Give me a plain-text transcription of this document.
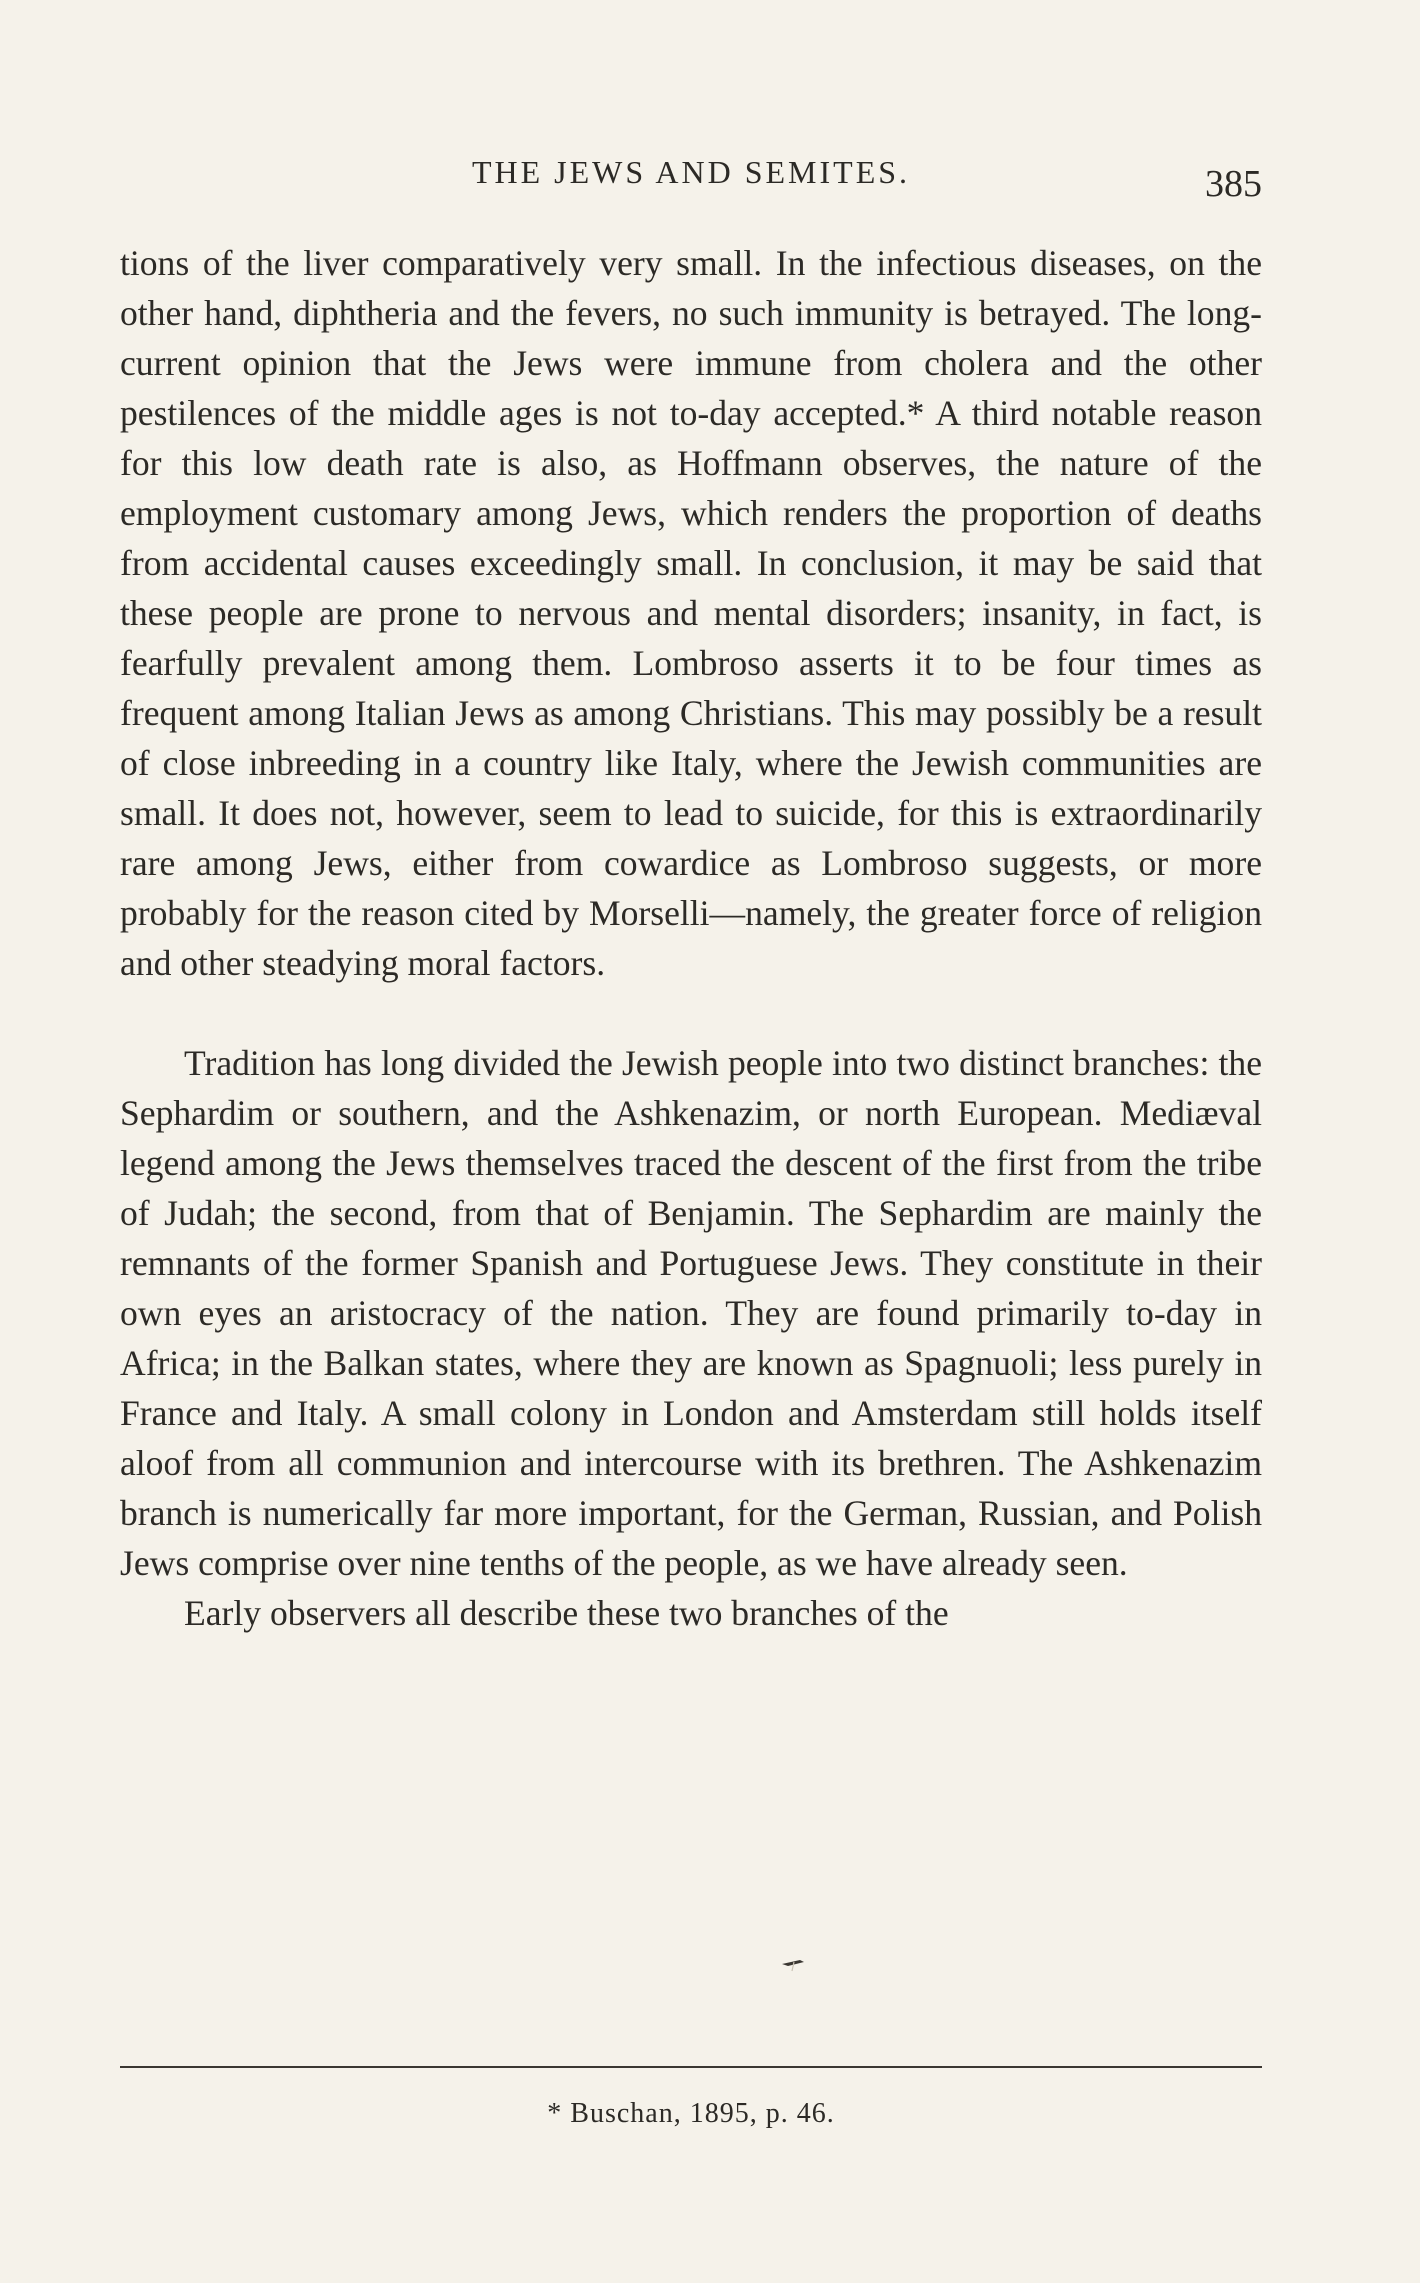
THE JEWS AND SEMITES.	385

tions of the liver comparatively very small. In the infectious diseases, on the other hand, diphtheria and the fevers, no such immunity is betrayed. The long-current opinion that the Jews were immune from cholera and the other pestilences of the middle ages is not to-day accepted.* A third notable reason for this low death rate is also, as Hoffmann observes, the nature of the employment customary among Jews, which renders the proportion of deaths from accidental causes exceedingly small. In conclusion, it may be said that these people are prone to nervous and mental disorders; insanity, in fact, is fearfully prevalent among them. Lombroso asserts it to be four times as frequent among Italian Jews as among Christians. This may possibly be a result of close inbreeding in a country like Italy, where the Jewish communities are small. It does not, however, seem to lead to suicide, for this is extraordinarily rare among Jews, either from cowardice as Lombroso suggests, or more probably for the reason cited by Morselli—namely, the greater force of religion and other steadying moral factors.

Tradition has long divided the Jewish people into two distinct branches: the Sephardim or southern, and the Ashkenazim, or north European. Mediæval legend among the Jews themselves traced the descent of the first from the tribe of Judah; the second, from that of Benjamin. The Sephardim are mainly the remnants of the former Spanish and Portuguese Jews. They constitute in their own eyes an aristocracy of the nation. They are found primarily to-day in Africa; in the Balkan states, where they are known as Spagnuoli; less purely in France and Italy. A small colony in London and Amsterdam still holds itself aloof from all communion and intercourse with its brethren. The Ashkenazim branch is numerically far more important, for the German, Russian, and Polish Jews comprise over nine tenths of the people, as we have already seen.

Early observers all describe these two branches of the

* Buschan, 1895, p. 46.
